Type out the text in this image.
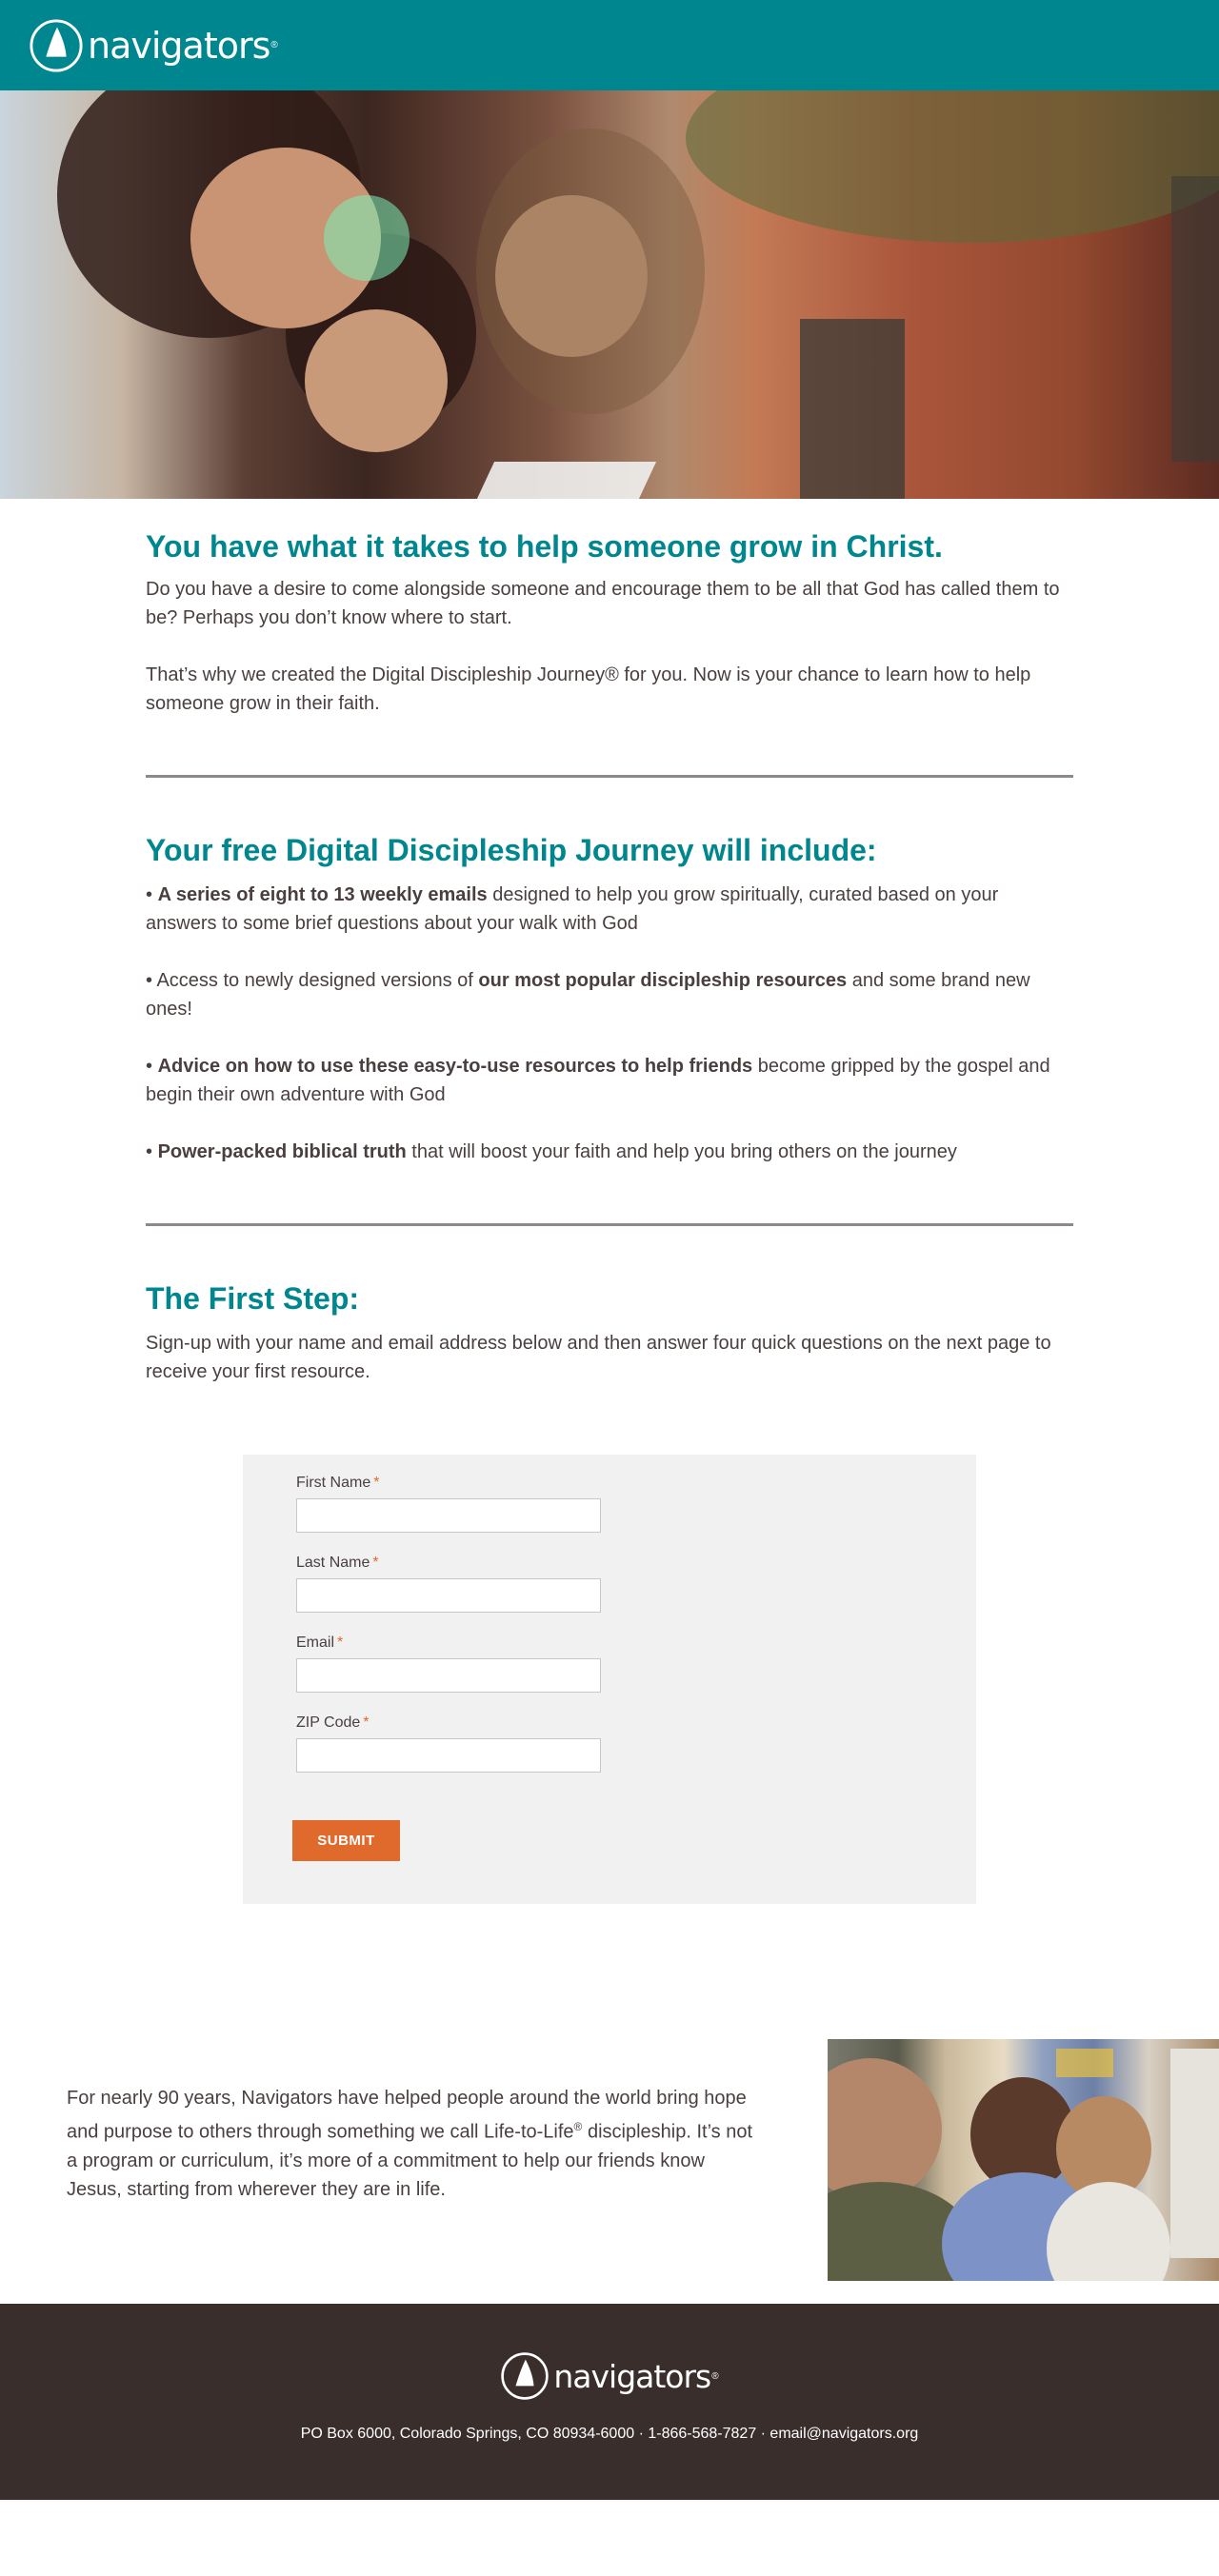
navigators ®
You have what it takes to help someone grow in Christ.

Do you have a desire to come alongside someone and encourage them to be all that God has called them to be? Perhaps you don’t know where to start.

That’s why we created the Digital Discipleship Journey® for you. Now is your chance to learn how to help someone grow in their faith.

Your free Digital Discipleship Journey will include:

• A series of eight to 13 weekly emails designed to help you grow spiritually, curated based on your answers to some brief questions about your walk with God

• Access to newly designed versions of our most popular discipleship resources and some brand new ones!

• Advice on how to use these easy-to-use resources to help friends become gripped by the gospel and begin their own adventure with God

• Power-packed biblical truth that will boost your faith and help you bring others on the journey

The First Step:

Sign-up with your name and email address below and then answer four quick questions on the next page to receive your first resource.

First Name *
Last Name *
Email *
ZIP Code *
SUBMIT

For nearly 90 years, Navigators have helped people around the world bring hope and purpose to others through something we call Life-to-Life® discipleship. It’s not a program or curriculum, it’s more of a commitment to help our friends know Jesus, starting from wherever they are in life.

navigators ®
PO Box 6000, Colorado Springs, CO 80934-6000 · 1-866-568-7827 · email@navigators.org
